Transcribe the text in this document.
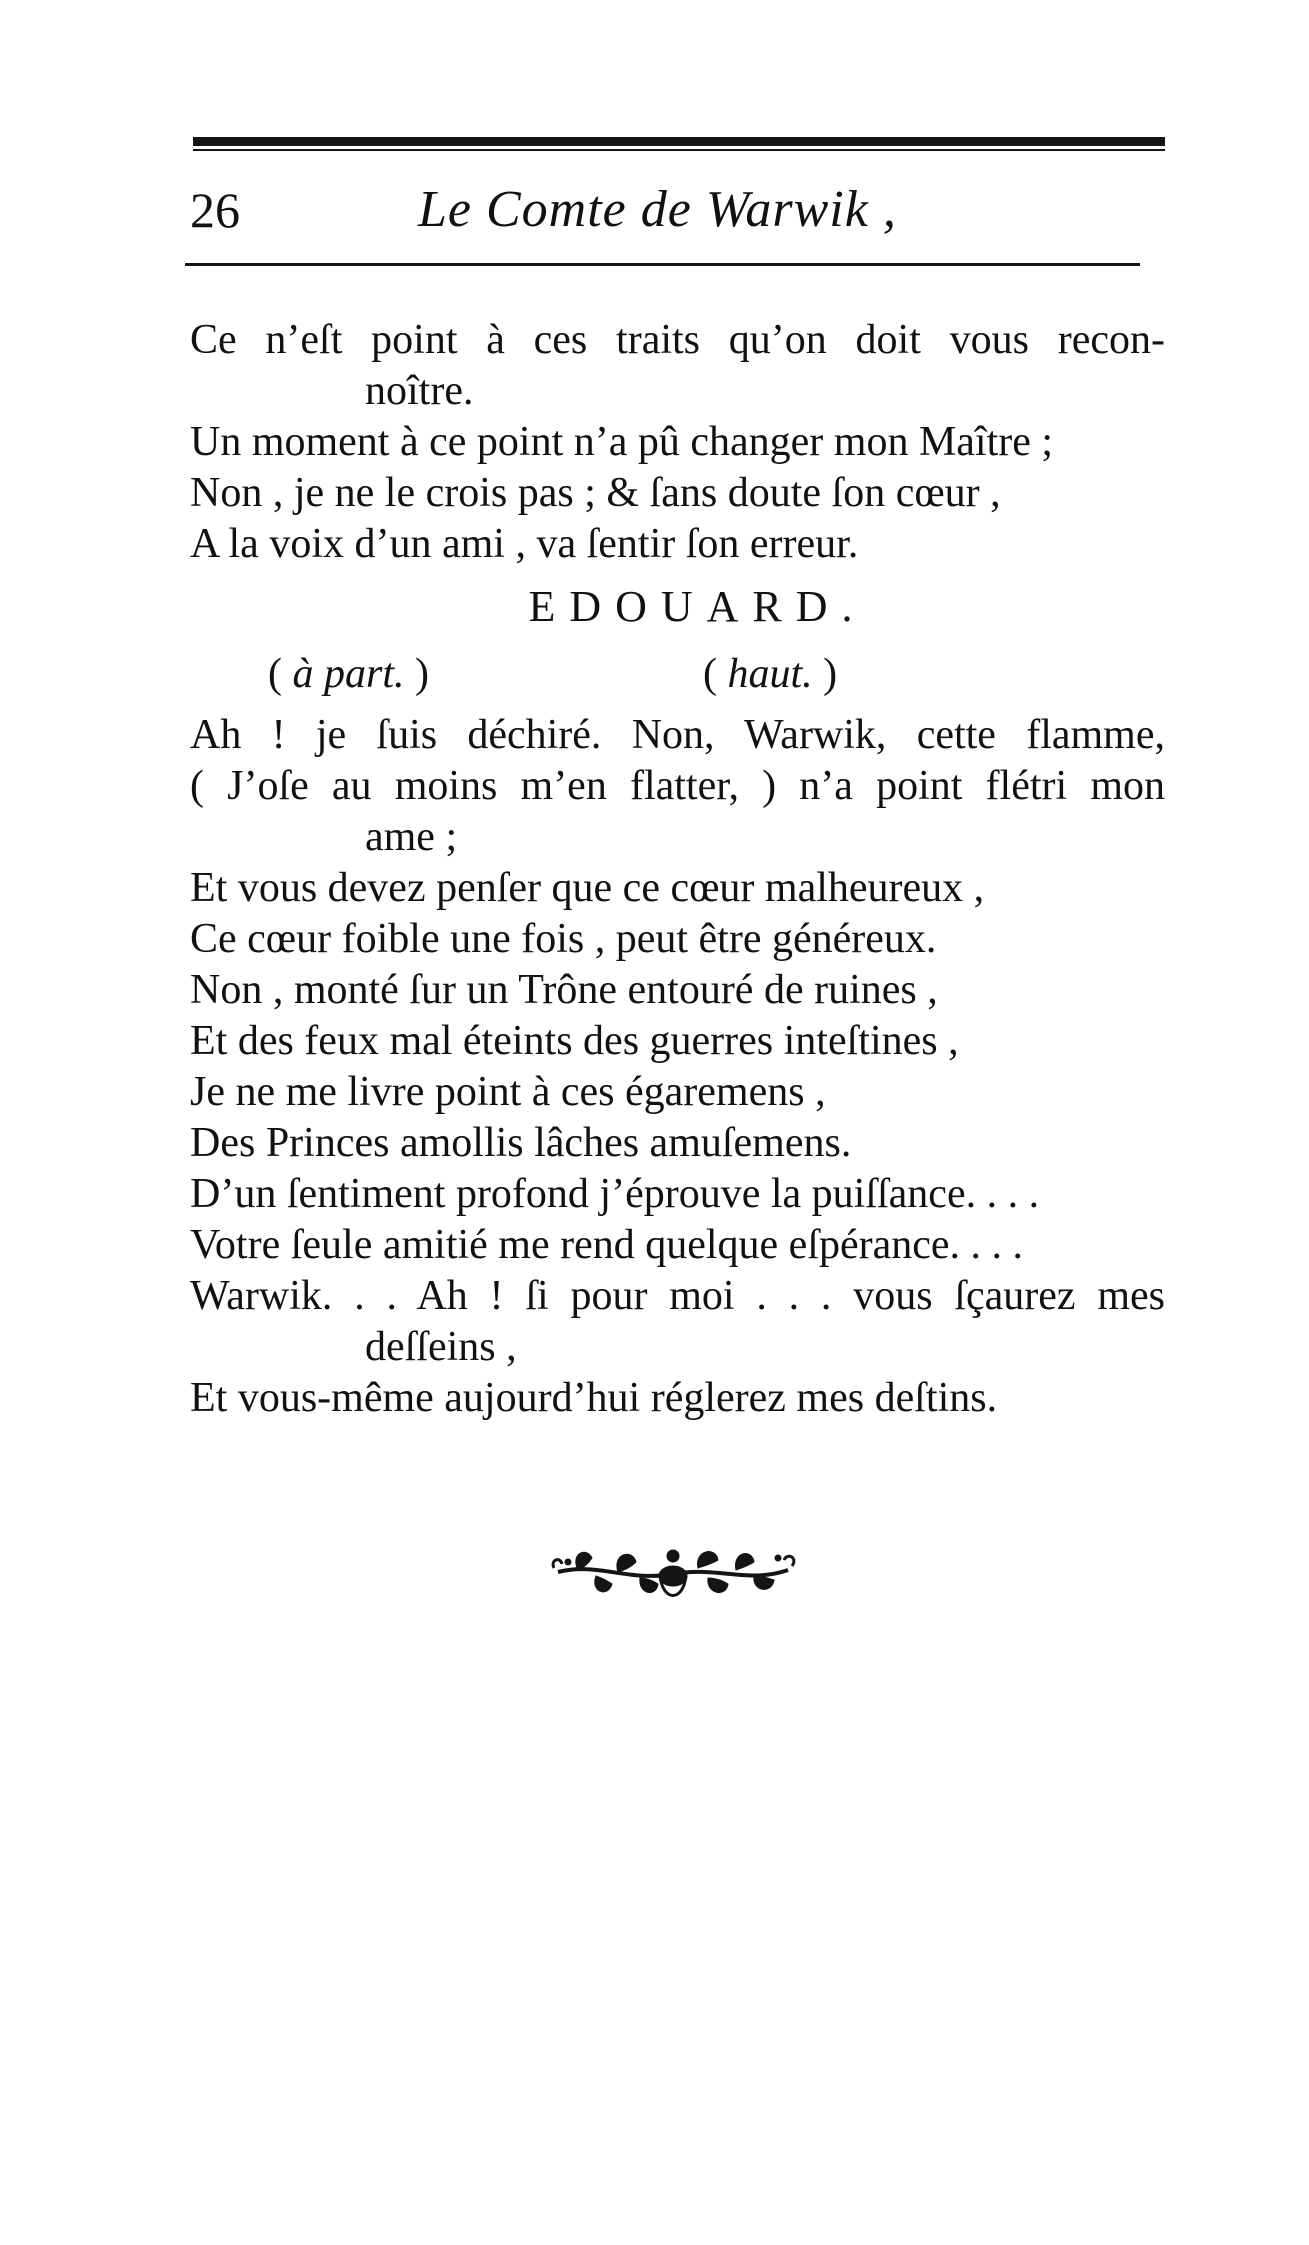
26	Le Comte de Warwik ,
Ce n’eſt point à ces traits qu’on doit vous recon-
noître.
Un moment à ce point n’a pû changer mon Maître ;
Non , je ne le crois pas ; & ſans doute ſon cœur ,
A la voix d’un ami , va ſentir ſon erreur.
EDOUARD.
( à part. )	( haut. )
Ah ! je ſuis déchiré. Non, Warwik, cette flamme,
( J’oſe au moins m’en flatter, ) n’a point flétri mon
ame ;
Et vous devez penſer que ce cœur malheureux ,
Ce cœur foible une fois , peut être généreux.
Non , monté ſur un Trône entouré de ruines ,
Et des feux mal éteints des guerres inteſtines ,
Je ne me livre point à ces égaremens ,
Des Princes amollis lâches amuſemens.
D’un ſentiment profond j’éprouve la puiſſance. . . .
Votre ſeule amitié me rend quelque eſpérance. . . .
Warwik. . . Ah ! ſi pour moi . . . vous ſçaurez mes
deſſeins ,
Et vous-même aujourd’hui réglerez mes deſtins.
